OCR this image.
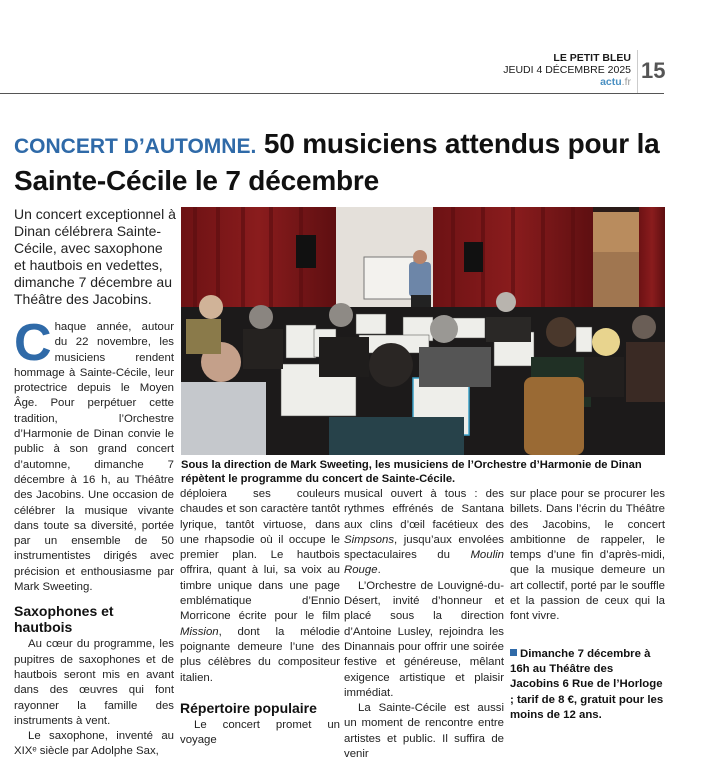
LE PETIT BLEU
JEUDI 4 DÉCEMBRE 2025
actu.fr 15
CONCERT D’AUTOMNE. 50 musiciens attendus pour la Sainte-Cécile le 7 décembre
Un concert exceptionnel à Dinan célébrera Sainte-Cécile, avec saxophone et hautbois en vedettes, dimanche 7 décembre au Théâtre des Jacobins.

Chaque année, autour du 22 novembre, les musiciens rendent hommage à Sainte-Cécile, leur protectrice depuis le Moyen Âge. Pour perpétuer cette tradition, l’Orchestre d’Harmonie de Dinan convie le public à son grand concert d’automne, dimanche 7 décembre à 16 h, au Théâtre des Jacobins. Une occasion de célébrer la musique vivante dans toute sa diversité, portée par un ensemble de 50 instrumentistes dirigés avec précision et enthousiasme par Mark Sweeting.

Saxophones et hautbois

Au cœur du programme, les pupitres de saxophones et de hautbois seront mis en avant dans des œuvres qui font rayonner la famille des instruments à vent.

Le saxophone, inventé au XIXᵉ siècle par Adolphe Sax,

Sous la direction de Mark Sweeting, les musiciens de l’Orchestre d’Harmonie de Dinan répètent le programme du concert de Sainte-Cécile.

déploiera ses couleurs chaudes et son caractère tantôt lyrique, tantôt virtuose, dans une rhapsodie où il occupe le premier plan. Le hautbois offrira, quant à lui, sa voix au timbre unique dans une page emblématique d’Ennio Morricone écrite pour le film Mission, dont la mélodie poignante demeure l’une des plus célèbres du compositeur italien.

Répertoire populaire

Le concert promet un voyage

musical ouvert à tous : des rythmes effrénés de Santana aux clins d’œil facétieux des Simpsons, jusqu’aux envolées spectaculaires du Moulin Rouge.

L’Orchestre de Louvigné-du-Désert, invité d’honneur et placé sous la direction d’Antoine Lusley, rejoindra les Dinannais pour offrir une soirée festive et généreuse, mêlant exigence artistique et plaisir immédiat.

La Sainte-Cécile est aussi un moment de rencontre entre artistes et public. Il suffira de venir

sur place pour se procurer les billets. Dans l’écrin du Théâtre des Jacobins, le concert ambitionne de rappeler, le temps d’une fin d’après-midi, que la musique demeure un art collectif, porté par le souffle et la passion de ceux qui la font vivre.

Dimanche 7 décembre à 16h au Théâtre des Jacobins 6 Rue de l’Horloge ; tarif de 8 €, gratuit pour les moins de 12 ans.
